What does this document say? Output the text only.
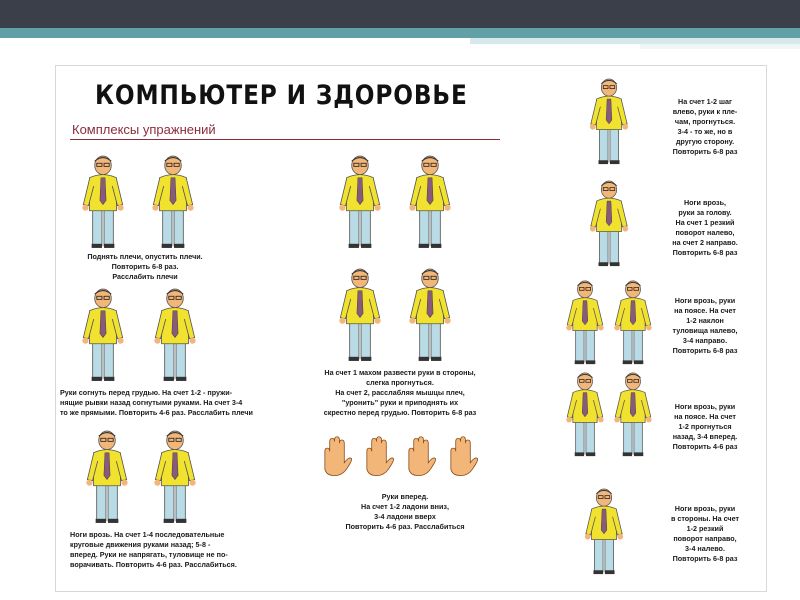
КОМПЬЮТЕР И ЗДОРОВЬЕ
Комплексы упражнений
Поднять плечи, опустить плечи.
Повторить 6-8 раз.
Расслабить плечи
Руки согнуть перед грудью. На счет 1-2 - пружи-
нящие рывки назад согнутыми руками. На счет 3-4
то же прямыми. Повторить 4-6 раз. Расслабить плечи
Ноги врозь. На счет 1-4 последовательные
круговые движения руками назад; 5-8 -
вперед. Руки не напрягать, туловище не по-
ворачивать. Повторить 4-6 раз. Расслабиться.
На счет 1 махом развести руки в стороны,
слегка прогнуться.
На счет 2, расслабляя мышцы плеч,
"уронить" руки и приподнять их
скрестно перед грудью. Повторить 6-8 раз
Руки вперед.
На счет 1-2 ладони вниз,
3-4 ладони вверх
Повторить 4-6 раз. Расслабиться
На счет 1-2 шаг
влево, руки к пле-
чам, прогнуться.
3-4 - то же, но в
другую сторону.
Повторить 6-8 раз
Ноги врозь,
руки за голову.
На счет 1 резкий
поворот налево,
на счет 2 направо.
Повторить 6-8 раз
Ноги врозь, руки
на поясе. На счет
1-2 наклон
туловища налево,
3-4 направо.
Повторить 6-8 раз
Ноги врозь, руки
на поясе. На счет
1-2 прогнуться
назад, 3-4 вперед.
Повторить 4-6 раз
Ноги врозь, руки
в стороны. На счет
1-2 резкий
поворот направо,
3-4 налево.
Повторить 6-8 раз
